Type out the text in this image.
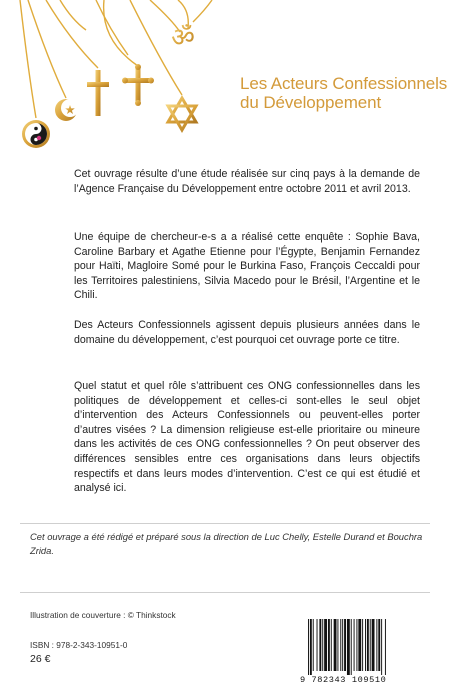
ॐ
Les Acteurs Confessionnels
du Développement

Cet ouvrage résulte d’une étude réalisée sur cinq pays à la demande de l’Agence Française du Développement entre octobre 2011 et avril 2013.

Une équipe de chercheur-e-s a a réalisé cette enquête : Sophie Bava, Caroline Barbary et Agathe Etienne pour l’Égypte, Benjamin Fernandez pour Haïti, Magloire Somé pour le Burkina Faso, François Ceccaldi pour les Territoires palestiniens, Silvia Macedo pour le Brésil, l’Argentine et le Chili.

Des Acteurs Confessionnels agissent depuis plusieurs années dans le domaine du développement, c’est pourquoi cet ouvrage porte ce titre.

Quel statut et quel rôle s’attribuent ces ONG confessionnelles dans les politiques de développement et celles-ci sont-elles le seul objet d’intervention des Acteurs Confessionnels ou peuvent-elles porter d’autres visées ? La dimension religieuse est-elle prioritaire ou mineure dans les activités de ces ONG confessionnelles ? On peut observer des différences sensibles entre ces organisations dans leurs objectifs respectifs et dans leurs modes d’intervention. C’est ce qui est étudié et analysé ici.

Cet ouvrage a été rédigé et préparé sous la direction de Luc Chelly, Estelle Durand et Bouchra Zrida.

Illustration de couverture : © Thinkstock
ISBN : 978-2-343-10951-0
26 €
9 782343 109510
